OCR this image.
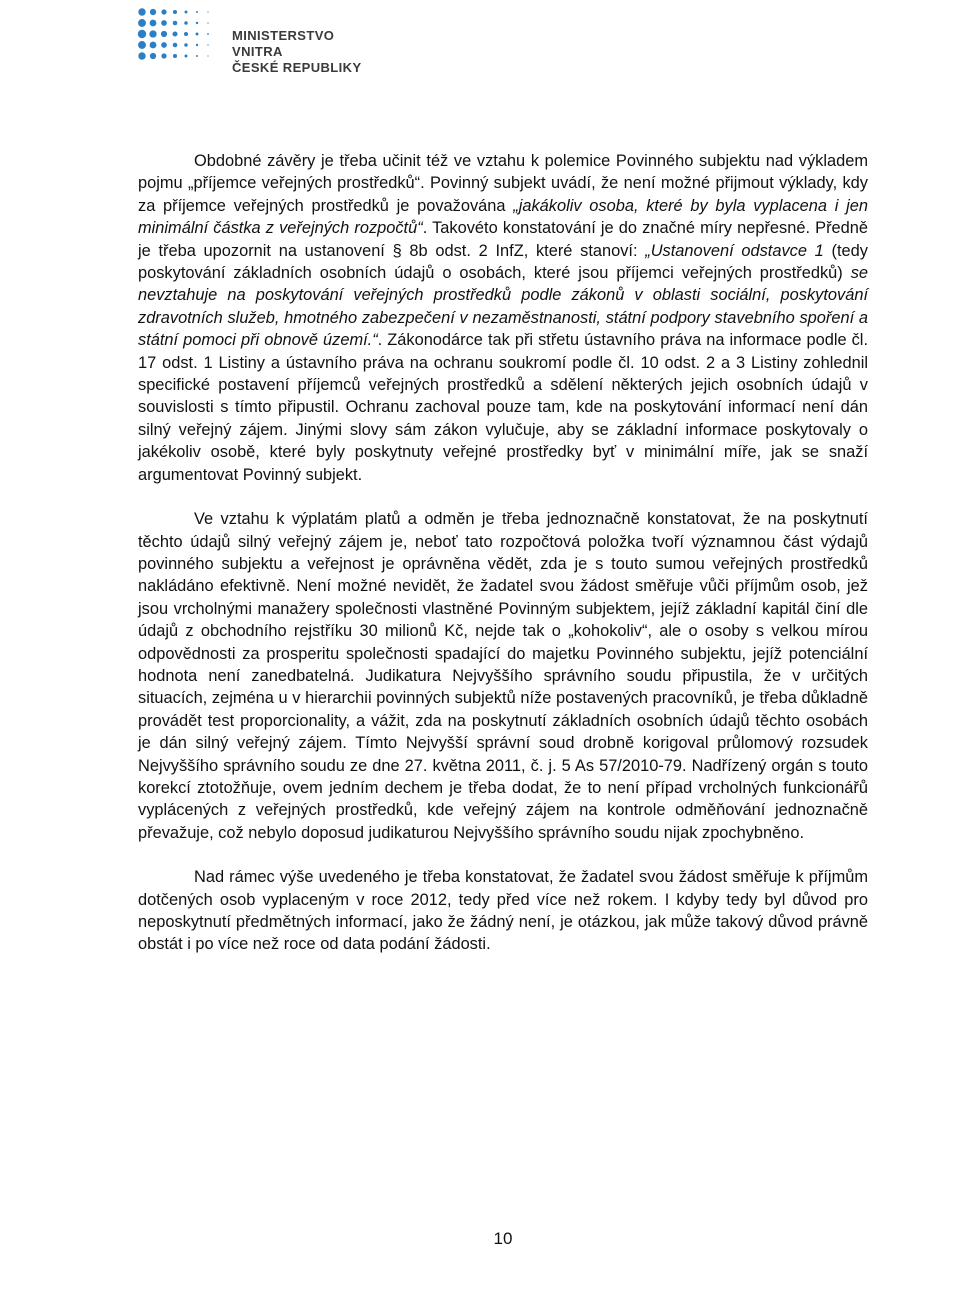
MINISTERSTVO VNITRA
ČESKÉ REPUBLIKY

Obdobné závěry je třeba učinit též ve vztahu k polemice Povinného subjektu nad výkladem pojmu „příjemce veřejných prostředků“. Povinný subjekt uvádí, že není možné přijmout výklady, kdy za příjemce veřejných prostředků je považována „jakákoliv osoba, které by byla vyplacena i jen minimální částka z veřejných rozpočtů“. Takovéto konstatování je do značné míry nepřesné. Předně je třeba upozornit na ustanovení § 8b odst. 2 InfZ, které stanoví: „Ustanovení odstavce 1 (tedy poskytování základních osobních údajů o osobách, které jsou příjemci veřejných prostředků) se nevztahuje na poskytování veřejných prostředků podle zákonů v oblasti sociální, poskytování zdravotních služeb, hmotného zabezpečení v nezaměstnanosti, státní podpory stavebního spoření a státní pomoci při obnově území.“. Zákonodárce tak při střetu ústavního práva na informace podle čl. 17 odst. 1 Listiny a ústavního práva na ochranu soukromí podle čl. 10 odst. 2 a 3 Listiny zohlednil specifické postavení příjemců veřejných prostředků a sdělení některých jejich osobních údajů v souvislosti s tímto připustil. Ochranu zachoval pouze tam, kde na poskytování informací není dán silný veřejný zájem. Jinými slovy sám zákon vylučuje, aby se základní informace poskytovaly o jakékoliv osobě, které byly poskytnuty veřejné prostředky byť v minimální míře, jak se snaží argumentovat Povinný subjekt.

Ve vztahu k výplatám platů a odměn je třeba jednoznačně konstatovat, že na poskytnutí těchto údajů silný veřejný zájem je, neboť tato rozpočtová položka tvoří významnou část výdajů povinného subjektu a veřejnost je oprávněna vědět, zda je s touto sumou veřejných prostředků nakládáno efektivně. Není možné nevidět, že žadatel svou žádost směřuje vůči příjmům osob, jež jsou vrcholnými manažery společnosti vlastněné Povinným subjektem, jejíž základní kapitál činí dle údajů z obchodního rejstříku 30 milionů Kč, nejde tak o „kohokoliv“, ale o osoby s velkou mírou odpovědnosti za prosperitu společnosti spadající do majetku Povinného subjektu, jejíž potenciální hodnota není zanedbatelná. Judikatura Nejvyššího správního soudu připustila, že v určitých situacích, zejména u v hierarchii povinných subjektů níže postavených pracovníků, je třeba důkladně provádět test proporcionality, a vážit, zda na poskytnutí základních osobních údajů těchto osobách je dán silný veřejný zájem. Tímto Nejvyšší správní soud drobně korigoval průlomový rozsudek Nejvyššího správního soudu ze dne 27. května 2011, č. j. 5 As 57/2010-79. Nadřízený orgán s touto korekcí ztotožňuje, ovem jedním dechem je třeba dodat, že to není případ vrcholných funkcionářů vyplácených z veřejných prostředků, kde veřejný zájem na kontrole odměňování jednoznačně převažuje, což nebylo doposud judikaturou Nejvyššího správního soudu nijak zpochybněno.

Nad rámec výše uvedeného je třeba konstatovat, že žadatel svou žádost směřuje k příjmům dotčených osob vyplaceným v roce 2012, tedy před více než rokem. I kdyby tedy byl důvod pro neposkytnutí předmětných informací, jako že žádný není, je otázkou, jak může takový důvod právně obstát i po více než roce od data podání žádosti.

10
